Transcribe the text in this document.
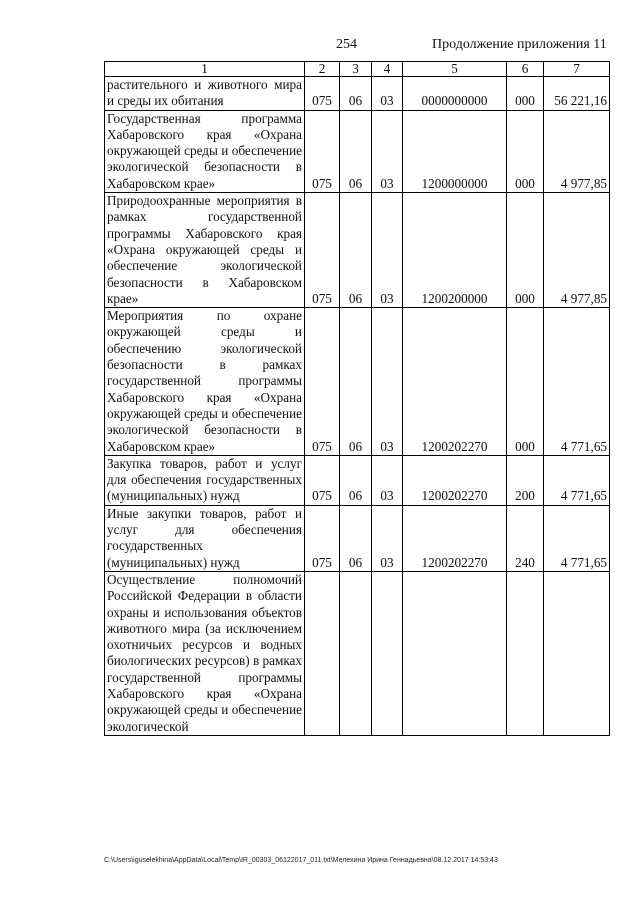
254	Продолжение приложения 11
1	2	3	4	5	6	7
растительного и животного мира и среды их обитания	075	06	03	0000000000	000	56 221,16
Государственная программа Хабаровского края «Охрана окружающей среды и обеспечение экологической безопасности в Хабаровском крае»	075	06	03	1200000000	000	4 977,85
Природоохранные мероприятия в рамках государственной программы Хабаровского края «Охрана окружающей среды и обеспечение экологической безопасности в Хабаровском крае»	075	06	03	1200200000	000	4 977,85
Мероприятия по охране окружающей среды и обеспечению экологической безопасности в рамках государственной программы Хабаровского края «Охрана окружающей среды и обеспечение экологической безопасности в Хабаровском крае»	075	06	03	1200202270	000	4 771,65
Закупка товаров, работ и услуг для обеспечения государственных (муниципальных) нужд	075	06	03	1200202270	200	4 771,65
Иные закупки товаров, работ и услуг для обеспечения государственных (муниципальных) нужд	075	06	03	1200202270	240	4 771,65
Осуществление полномочий Российской Федерации в области охраны и использования объектов животного мира (за исключением охотничьих ресурсов и водных биологических ресурсов) в рамках государственной программы Хабаровского края «Охрана окружающей среды и обеспечение экологической						
C:\Users\iguselekhina\AppData\Local\Temp\IR_00303_06122017_011.txt\Мелехина Ирина Геннадьевна\08.12.2017 14:53:43
